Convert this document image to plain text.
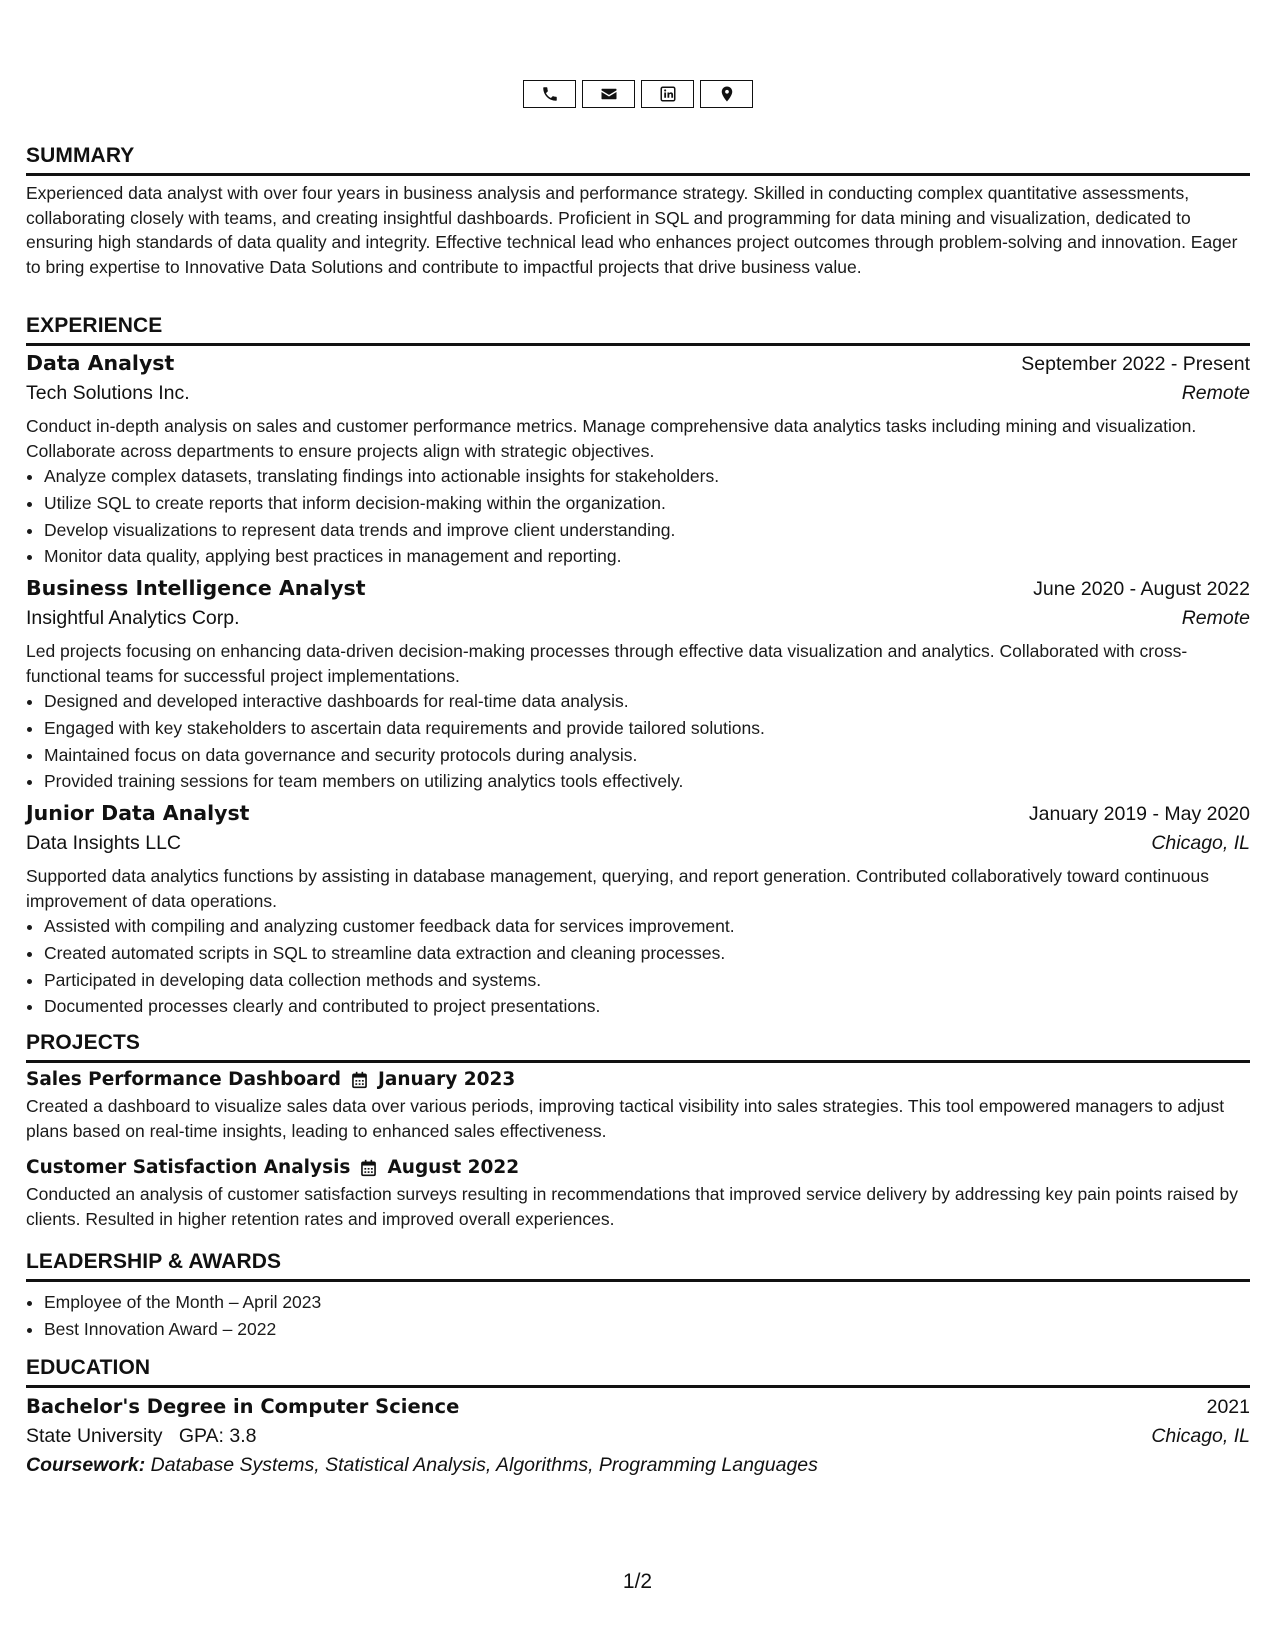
SUMMARY

Experienced data analyst with over four years in business analysis and performance strategy. Skilled in conducting complex quantitative assessments, collaborating closely with teams, and creating insightful dashboards. Proficient in SQL and programming for data mining and visualization, dedicated to ensuring high standards of data quality and integrity. Effective technical lead who enhances project outcomes through problem-solving and innovation. Eager to bring expertise to Innovative Data Solutions and contribute to impactful projects that drive business value.

EXPERIENCE
Data Analyst	September 2022 - Present
Tech Solutions Inc.	Remote

Conduct in-depth analysis on sales and customer performance metrics. Manage comprehensive data analytics tasks including mining and visualization. Collaborate across departments to ensure projects align with strategic objectives.

• Analyze complex datasets, translating findings into actionable insights for stakeholders.
• Utilize SQL to create reports that inform decision-making within the organization.
• Develop visualizations to represent data trends and improve client understanding.
• Monitor data quality, applying best practices in management and reporting.
Business Intelligence Analyst	June 2020 - August 2022
Insightful Analytics Corp.	Remote

Led projects focusing on enhancing data-driven decision-making processes through effective data visualization and analytics. Collaborated with cross-functional teams for successful project implementations.

• Designed and developed interactive dashboards for real-time data analysis.
• Engaged with key stakeholders to ascertain data requirements and provide tailored solutions.
• Maintained focus on data governance and security protocols during analysis.
• Provided training sessions for team members on utilizing analytics tools effectively.
Junior Data Analyst	January 2019 - May 2020
Data Insights LLC	Chicago, IL

Supported data analytics functions by assisting in database management, querying, and report generation. Contributed collaboratively toward continuous improvement of data operations.

• Assisted with compiling and analyzing customer feedback data for services improvement.
• Created automated scripts in SQL to streamline data extraction and cleaning processes.
• Participated in developing data collection methods and systems.
• Documented processes clearly and contributed to project presentations.
PROJECTS
Sales Performance Dashboard January 2023

Created a dashboard to visualize sales data over various periods, improving tactical visibility into sales strategies. This tool empowered managers to adjust plans based on real-time insights, leading to enhanced sales effectiveness.

Customer Satisfaction Analysis August 2022

Conducted an analysis of customer satisfaction surveys resulting in recommendations that improved service delivery by addressing key pain points raised by clients. Resulted in higher retention rates and improved overall experiences.

LEADERSHIP & AWARDS
• Employee of the Month – April 2023
• Best Innovation Award – 2022
EDUCATION
Bachelor's Degree in Computer Science	2021
State University GPA: 3.8	Chicago, IL
Coursework: Database Systems, Statistical Analysis, Algorithms, Programming Languages
1/2
